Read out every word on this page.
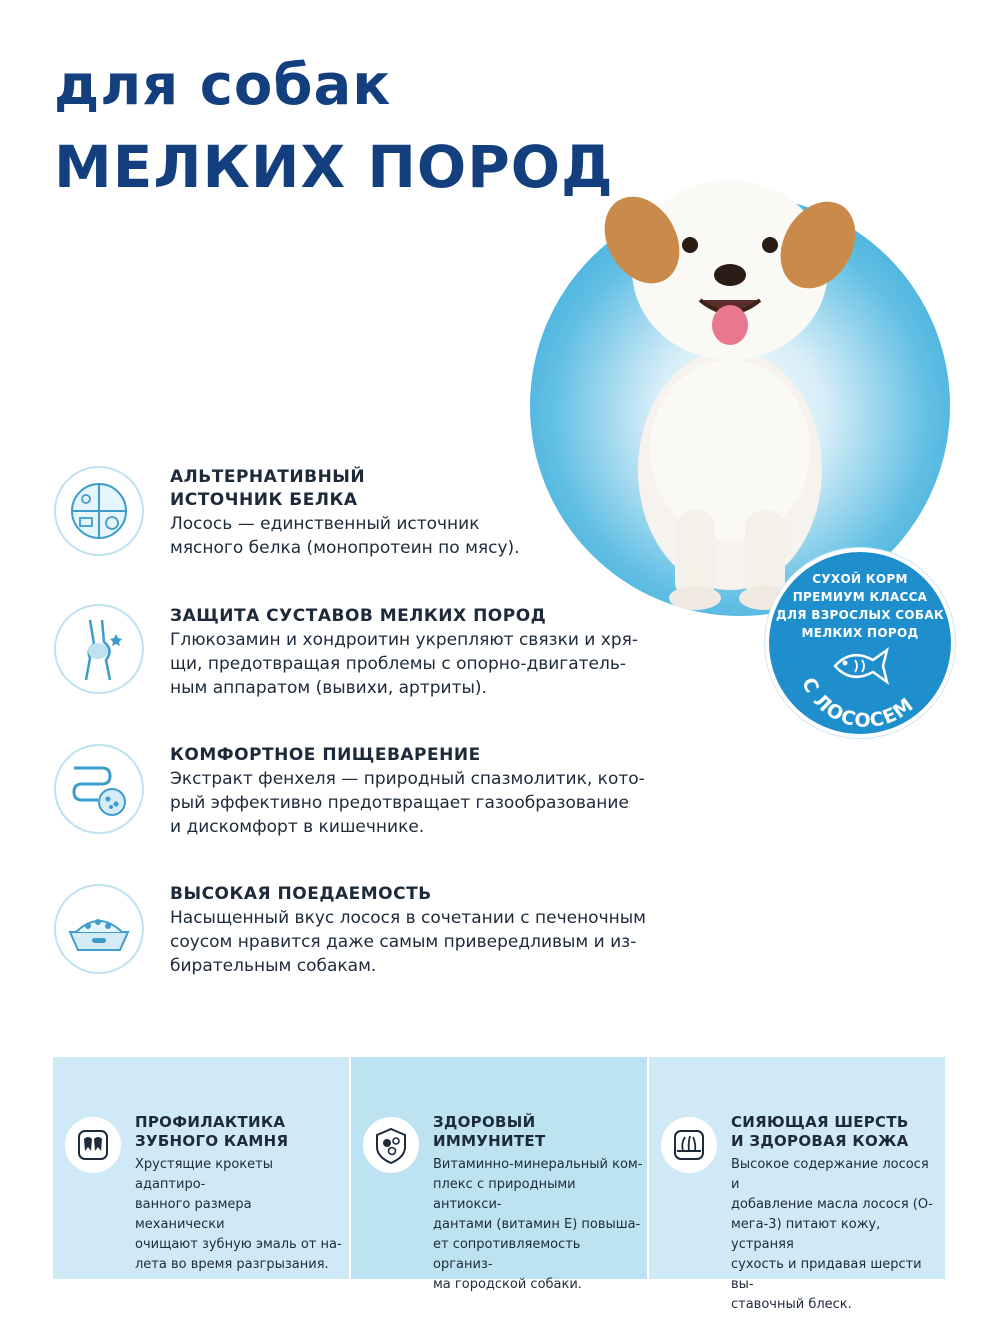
для собак
МЕЛКИХ ПОРОД
СУХОЙ КОРМ
ПРЕМИУМ КЛАССА
ДЛЯ ВЗРОСЛЫХ СОБАК
МЕЛКИХ ПОРОД
С ЛОСОСЕМ
АЛЬТЕРНАТИВНЫЙ
ИСТОЧНИК БЕЛКА
Лосось — единственный источник
мясного белка (монопротеин по мясу).
ЗАЩИТА СУСТАВОВ МЕЛКИХ ПОРОД
Глюкозамин и хондроитин укрепляют связки и хря-
щи, предотвращая проблемы с опорно-двигатель-
ным аппаратом (вывихи, артриты).
КОМФОРТНОЕ ПИЩЕВАРЕНИЕ
Экстракт фенхеля — природный спазмолитик, кото-
рый эффективно предотвращает газообразование
и дискомфорт в кишечнике.
ВЫСОКАЯ ПОЕДАЕМОСТЬ
Насыщенный вкус лосося в сочетании с печеночным
соусом нравится даже самым привередливым и из-
бирательным собакам.
ПРОФИЛАКТИКА
ЗУБНОГО КАМНЯ
Хрустящие крокеты адаптиро-
ванного размера механически
очищают зубную эмаль от на-
лета во время разгрызания.
ЗДОРОВЫЙ
ИММУНИТЕТ
Витаминно-минеральный ком-
плекс с природными антиокси-
дантами (витамин Е) повыша-
ет сопротивляемость организ-
ма городской собаки.
СИЯЮЩАЯ ШЕРСТЬ
И ЗДОРОВАЯ КОЖА
Высокое содержание лосося и
добавление масла лосося (О-
мега-3) питают кожу, устраняя
сухость и придавая шерсти вы-
ставочный блеск.
